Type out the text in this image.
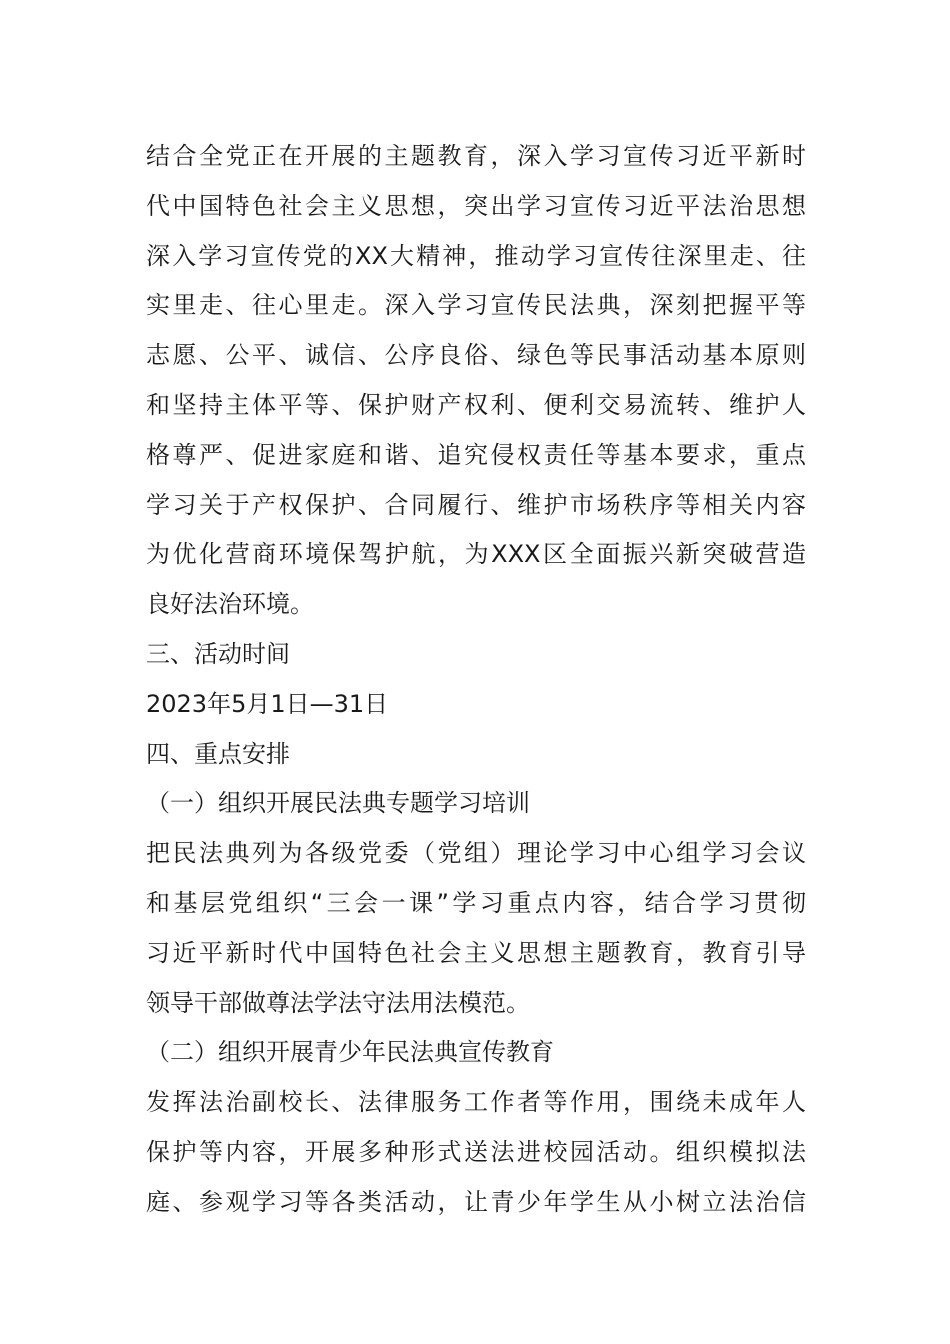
结合全党正在开展的主题教育，深入学习宣传习近平新时
代中国特色社会主义思想，突出学习宣传习近平法治思想
深入学习宣传党的XX大精神，推动学习宣传往深里走、往
实里走、往心里走。深入学习宣传民法典，深刻把握平等
志愿、公平、诚信、公序良俗、绿色等民事活动基本原则
和坚持主体平等、保护财产权利、便利交易流转、维护人
格尊严、促进家庭和谐、追究侵权责任等基本要求，重点
学习关于产权保护、合同履行、维护市场秩序等相关内容
为优化营商环境保驾护航，为XXX区全面振兴新突破营造
良好法治环境。
三、活动时间
2023年5月1日—31日
四、重点安排
（一）组织开展民法典专题学习培训
把民法典列为各级党委（党组）理论学习中心组学习会议
和基层党组织“三会一课”学习重点内容，结合学习贯彻
习近平新时代中国特色社会主义思想主题教育，教育引导
领导干部做尊法学法守法用法模范。
（二）组织开展青少年民法典宣传教育
发挥法治副校长、法律服务工作者等作用，围绕未成年人
保护等内容，开展多种形式送法进校园活动。组织模拟法
庭、参观学习等各类活动，让青少年学生从小树立法治信
